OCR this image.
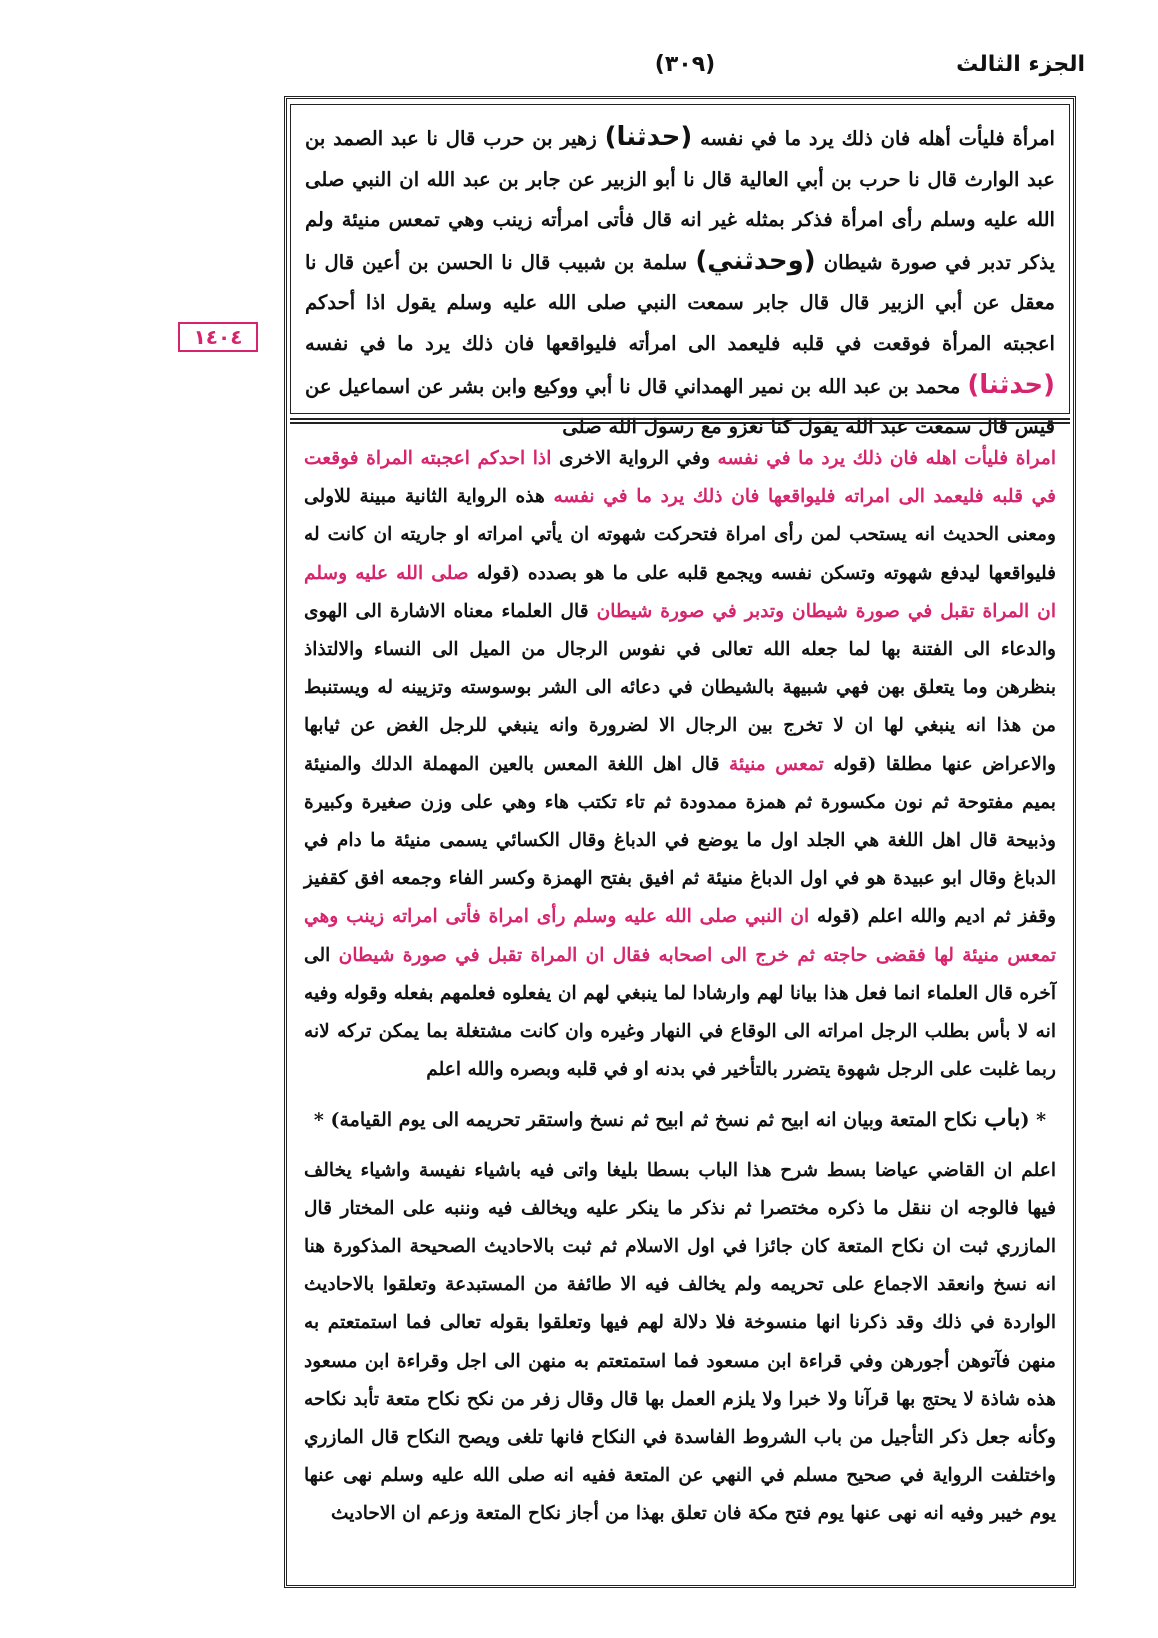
الجزء الثالث
(٣٠٩)
١٤٠٤
امرأة فليأت أهله فان ذلك يرد ما في نفسه (حدثنا) زهير بن حرب قال نا عبد الصمد بن عبد الوارث قال نا حرب بن أبي العالية قال نا أبو الزبير عن جابر بن عبد الله ان النبي صلى الله عليه وسلم رأى امرأة فذكر بمثله غير انه قال فأتى امرأته زينب وهي تمعس منيئة ولم يذكر تدبر في صورة شيطان (وحدثني) سلمة بن شبيب قال نا الحسن بن أعين قال نا معقل عن أبي الزبير قال قال جابر سمعت النبي صلى الله عليه وسلم يقول اذا أحدكم اعجبته المرأة فوقعت في قلبه فليعمد الى امرأته فليواقعها فان ذلك يرد ما في نفسه (حدثنا) محمد بن عبد الله بن نمير الهمداني قال نا أبي ووكيع وابن بشر عن اسماعيل عن قيس قال سمعت عبد الله يقول كنا نغزو مع رسول الله صلى

امراة فليأت اهله فان ذلك يرد ما في نفسه وفي الرواية الاخرى اذا احدكم اعجبته المراة فوقعت في قلبه فليعمد الى امراته فليواقعها فان ذلك يرد ما في نفسه هذه الرواية الثانية مبينة للاولى ومعنى الحديث انه يستحب لمن رأى امراة فتحركت شهوته ان يأتي امراته او جاريته ان كانت له فليواقعها ليدفع شهوته وتسكن نفسه ويجمع قلبه على ما هو بصدده (قوله صلى الله عليه وسلم ان المراة تقبل في صورة شيطان وتدبر في صورة شيطان قال العلماء معناه الاشارة الى الهوى والدعاء الى الفتنة بها لما جعله الله تعالى في نفوس الرجال من الميل الى النساء والالتذاذ بنظرهن وما يتعلق بهن فهي شبيهة بالشيطان في دعائه الى الشر بوسوسته وتزيينه له ويستنبط من هذا انه ينبغي لها ان لا تخرج بين الرجال الا لضرورة وانه ينبغي للرجل الغض عن ثيابها والاعراض عنها مطلقا (قوله تمعس منيئة قال اهل اللغة المعس بالعين المهملة الدلك والمنيئة بميم مفتوحة ثم نون مكسورة ثم همزة ممدودة ثم تاء تكتب هاء وهي على وزن صغيرة وكبيرة وذبيحة قال اهل اللغة هي الجلد اول ما يوضع في الدباغ وقال الكسائي يسمى منيئة ما دام في الدباغ وقال ابو عبيدة هو في اول الدباغ منيئة ثم افيق بفتح الهمزة وكسر الفاء وجمعه افق كقفيز وقفز ثم اديم والله اعلم (قوله ان النبي صلى الله عليه وسلم رأى امراة فأتى امراته زينب وهي تمعس منيئة لها فقضى حاجته ثم خرج الى اصحابه فقال ان المراة تقبل في صورة شيطان الى آخره قال العلماء انما فعل هذا بيانا لهم وارشادا لما ينبغي لهم ان يفعلوه فعلمهم بفعله وقوله وفيه انه لا بأس بطلب الرجل امراته الى الوقاع في النهار وغيره وان كانت مشتغلة بما يمكن تركه لانه ربما غلبت على الرجل شهوة يتضرر بالتأخير في بدنه او في قلبه وبصره والله اعلم

* (باب نكاح المتعة وبيان انه ابيح ثم نسخ ثم ابيح ثم نسخ واستقر تحريمه الى يوم القيامة) *

اعلم ان القاضي عياضا بسط شرح هذا الباب بسطا بليغا واتى فيه باشياء نفيسة واشياء يخالف فيها فالوجه ان ننقل ما ذكره مختصرا ثم نذكر ما ينكر عليه ويخالف فيه وننبه على المختار قال المازري ثبت ان نكاح المتعة كان جائزا في اول الاسلام ثم ثبت بالاحاديث الصحيحة المذكورة هنا انه نسخ وانعقد الاجماع على تحريمه ولم يخالف فيه الا طائفة من المستبدعة وتعلقوا بالاحاديث الواردة في ذلك وقد ذكرنا انها منسوخة فلا دلالة لهم فيها وتعلقوا بقوله تعالى فما استمتعتم به منهن فآتوهن أجورهن وفي قراءة ابن مسعود فما استمتعتم به منهن الى اجل وقراءة ابن مسعود هذه شاذة لا يحتج بها قرآنا ولا خبرا ولا يلزم العمل بها قال وقال زفر من نكح نكاح متعة تأبد نكاحه وكأنه جعل ذكر التأجيل من باب الشروط الفاسدة في النكاح فانها تلغى ويصح النكاح قال المازري واختلفت الرواية في صحيح مسلم في النهي عن المتعة ففيه انه صلى الله عليه وسلم نهى عنها يوم خيبر وفيه انه نهى عنها يوم فتح مكة فان تعلق بهذا من أجاز نكاح المتعة وزعم ان الاحاديث
